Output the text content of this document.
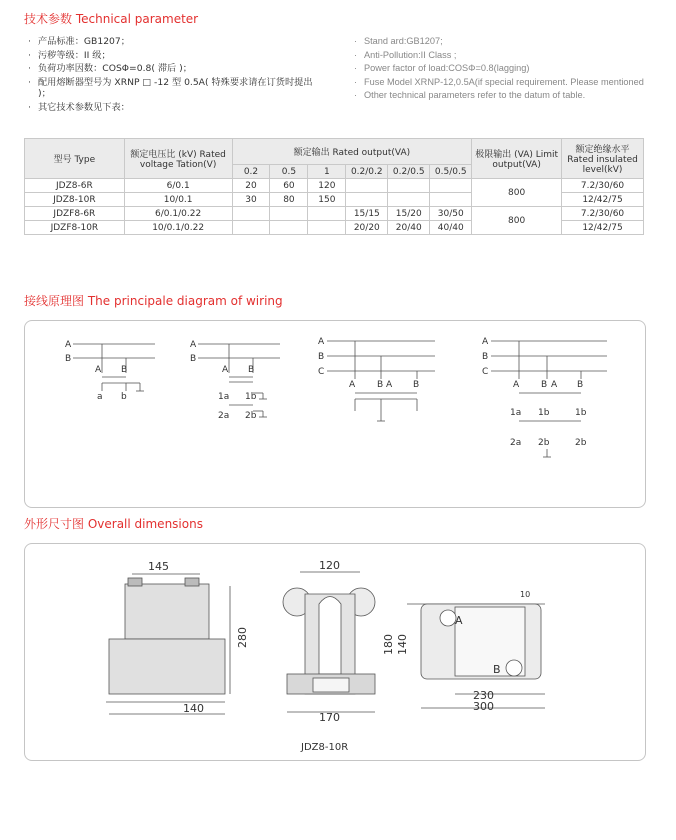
技术参数 Technical parameter
· 产品标准：GB1207；
· 污秽等级：II 级；
· 负荷功率因数：COSΦ=0.8( 滞后 )；
· 配用熔断器型号为 XRNP □ -12 型 0.5A( 特殊要求请在订货时提出 )；
· 其它技术参数见下表：
· Stand ard:GB1207;
· Anti-Pollution:II Class ;
· Power factor of load:COSΦ=0.8(lagging)
· Fuse Model XRNP-12,0.5A(if special requirement. Please mentioned
· Other technical parameters refer to the datum of table.
型号 Type	额定电压比 (kV) Rated voltage Tation(V)	额定输出 Rated output(VA)						极限输出 (VA) Limit output(VA)	额定绝缘水平 Rated insulated level(kV)
		0.2	0.5	1	0.2/0.2	0.2/0.5	0.5/0.5		
JDZ8-6R	6/0.1	20	60	120				800	7.2/30/60
JDZ8-10R	10/0.1	30	80	150					12/42/75
JDZF8-6R	6/0.1/0.22				15/15	15/20	30/50	800	7.2/30/60
JDZF8-10R	10/0.1/0.22				20/20	20/40	40/40		12/42/75
接线原理图 The principale diagram of wiring
A
B
A B
a b
A
B
A B
1a 1b
2a 2b
A
B
C
A B A B
A
B
C
A B A B
1a 1b	1b
2a 2b	2b
外形尺寸图 Overall dimensions
145
280
140
120
170
JDZ8-10R
10
A
B
180 140
230
300
